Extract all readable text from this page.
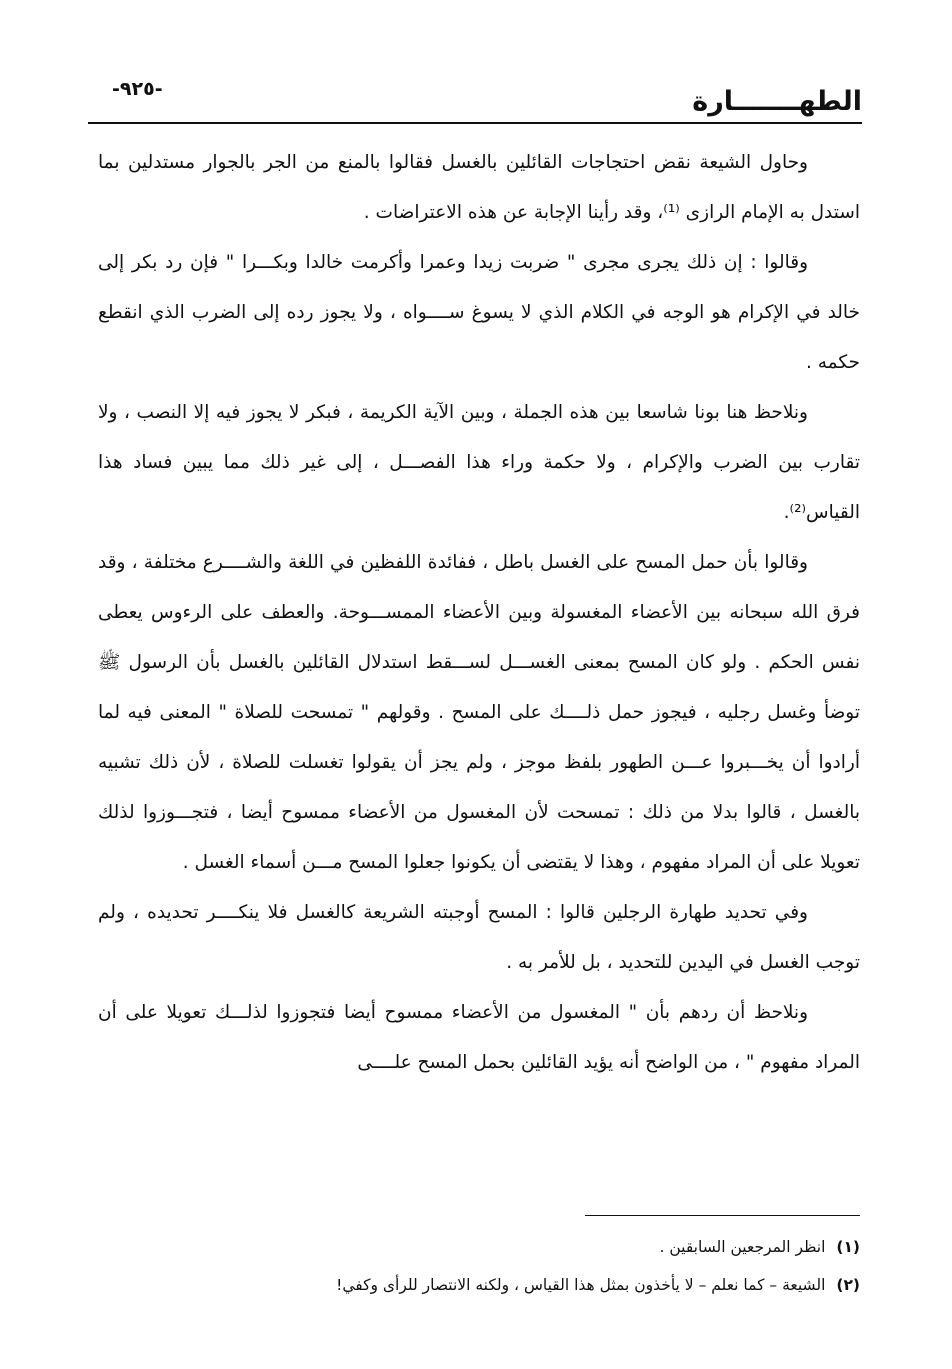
الطهـــــــارة
-٩٢٥-

وحاول الشيعة نقض احتجاجات القائلين بالغسل فقالوا بالمنع من الجر بالجوار مستدلين بما استدل به الإمام الرازى ⁽¹⁾، وقد رأينا الإجابة عن هذه الاعتراضات .

وقالوا : إن ذلك يجرى مجرى " ضربت زيدا وعمرا وأكرمت خالدا وبكـــرا " فإن رد بكر إلى خالد في الإكرام هو الوجه في الكلام الذي لا يسوغ ســــواه ، ولا يجوز رده إلى الضرب الذي انقطع حكمه .

ونلاحظ هنا بونا شاسعا بين هذه الجملة ، وبين الآية الكريمة ، فبكر لا يجوز فيه إلا النصب ، ولا تقارب بين الضرب والإكرام ، ولا حكمة وراء هذا الفصـــل ، إلى غير ذلك مما يبين فساد هذا القياس⁽²⁾.

وقالوا بأن حمل المسح على الغسل باطل ، ففائدة اللفظين في اللغة والشــــرع مختلفة ، وقد فرق الله سبحانه بين الأعضاء المغسولة وبين الأعضاء الممســـوحة. والعطف على الرءوس يعطى نفس الحكم . ولو كان المسح بمعنى الغســـل لســـقط استدلال القائلين بالغسل بأن الرسول ﷺ توضأ وغسل رجليه ، فيجوز حمل ذلــــك على المسح . وقولهم " تمسحت للصلاة " المعنى فيه لما أرادوا أن يخـــبروا عـــن الطهور بلفظ موجز ، ولم يجز أن يقولوا تغسلت للصلاة ، لأن ذلك تشبيه بالغسل ، قالوا بدلا من ذلك : تمسحت لأن المغسول من الأعضاء ممسوح أيضا ، فتجـــوزوا لذلك تعويلا على أن المراد مفهوم ، وهذا لا يقتضى أن يكونوا جعلوا المسح مـــن أسماء الغسل .

وفي تحديد طهارة الرجلين قالوا : المسح أوجبته الشريعة كالغسل فلا ينكــــر تحديده ، ولم توجب الغسل في اليدين للتحديد ، بل للأمر به .

ونلاحظ أن ردهم بأن " المغسول من الأعضاء ممسوح أيضا فتجوزوا لذلـــك تعويلا على أن المراد مفهوم " ، من الواضح أنه يؤيد القائلين بحمل المسح علــــى

(١) انظر المرجعين السابقين .

(٢) الشيعة – كما نعلم – لا يأخذون بمثل هذا القياس ، ولكنه الانتصار للرأى وكفي!
